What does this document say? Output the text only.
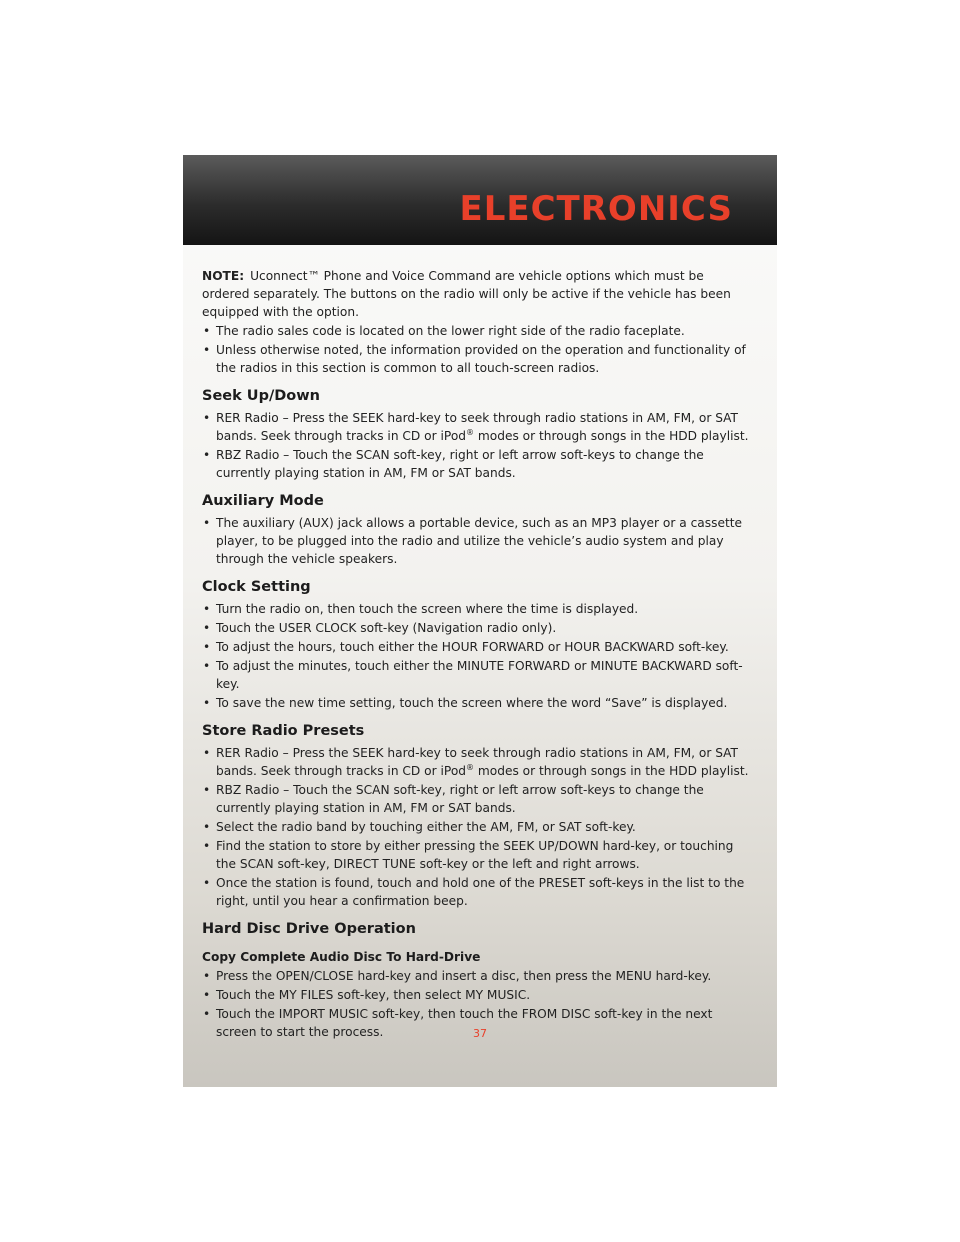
ELECTRONICS

NOTE: Uconnect™ Phone and Voice Command are vehicle options which must be ordered separately. The buttons on the radio will only be active if the vehicle has been equipped with the option.

• The radio sales code is located on the lower right side of the radio faceplate.
• Unless otherwise noted, the information provided on the operation and functionality of the radios in this section is common to all touch-screen radios.
Seek Up/Down
• RER Radio – Press the SEEK hard-key to seek through radio stations in AM, FM, or SAT bands. Seek through tracks in CD or iPod® modes or through songs in the HDD playlist.
• RBZ Radio – Touch the SCAN soft-key, right or left arrow soft-keys to change the currently playing station in AM, FM or SAT bands.
Auxiliary Mode
• The auxiliary (AUX) jack allows a portable device, such as an MP3 player or a cassette player, to be plugged into the radio and utilize the vehicle’s audio system and play through the vehicle speakers.
Clock Setting
• Turn the radio on, then touch the screen where the time is displayed.
• Touch the USER CLOCK soft-key (Navigation radio only).
• To adjust the hours, touch either the HOUR FORWARD or HOUR BACKWARD soft-key.
• To adjust the minutes, touch either the MINUTE FORWARD or MINUTE BACKWARD soft-key.
• To save the new time setting, touch the screen where the word “Save” is displayed.
Store Radio Presets
• RER Radio – Press the SEEK hard-key to seek through radio stations in AM, FM, or SAT bands. Seek through tracks in CD or iPod® modes or through songs in the HDD playlist.
• RBZ Radio – Touch the SCAN soft-key, right or left arrow soft-keys to change the currently playing station in AM, FM or SAT bands.
• Select the radio band by touching either the AM, FM, or SAT soft-key.
• Find the station to store by either pressing the SEEK UP/DOWN hard-key, or touching the SCAN soft-key, DIRECT TUNE soft-key or the left and right arrows.
• Once the station is found, touch and hold one of the PRESET soft-keys in the list to the right, until you hear a confirmation beep.
Hard Disc Drive Operation
Copy Complete Audio Disc To Hard-Drive
• Press the OPEN/CLOSE hard-key and insert a disc, then press the MENU hard-key.
• Touch the MY FILES soft-key, then select MY MUSIC.
• Touch the IMPORT MUSIC soft-key, then touch the FROM DISC soft-key in the next screen to start the process.	37
